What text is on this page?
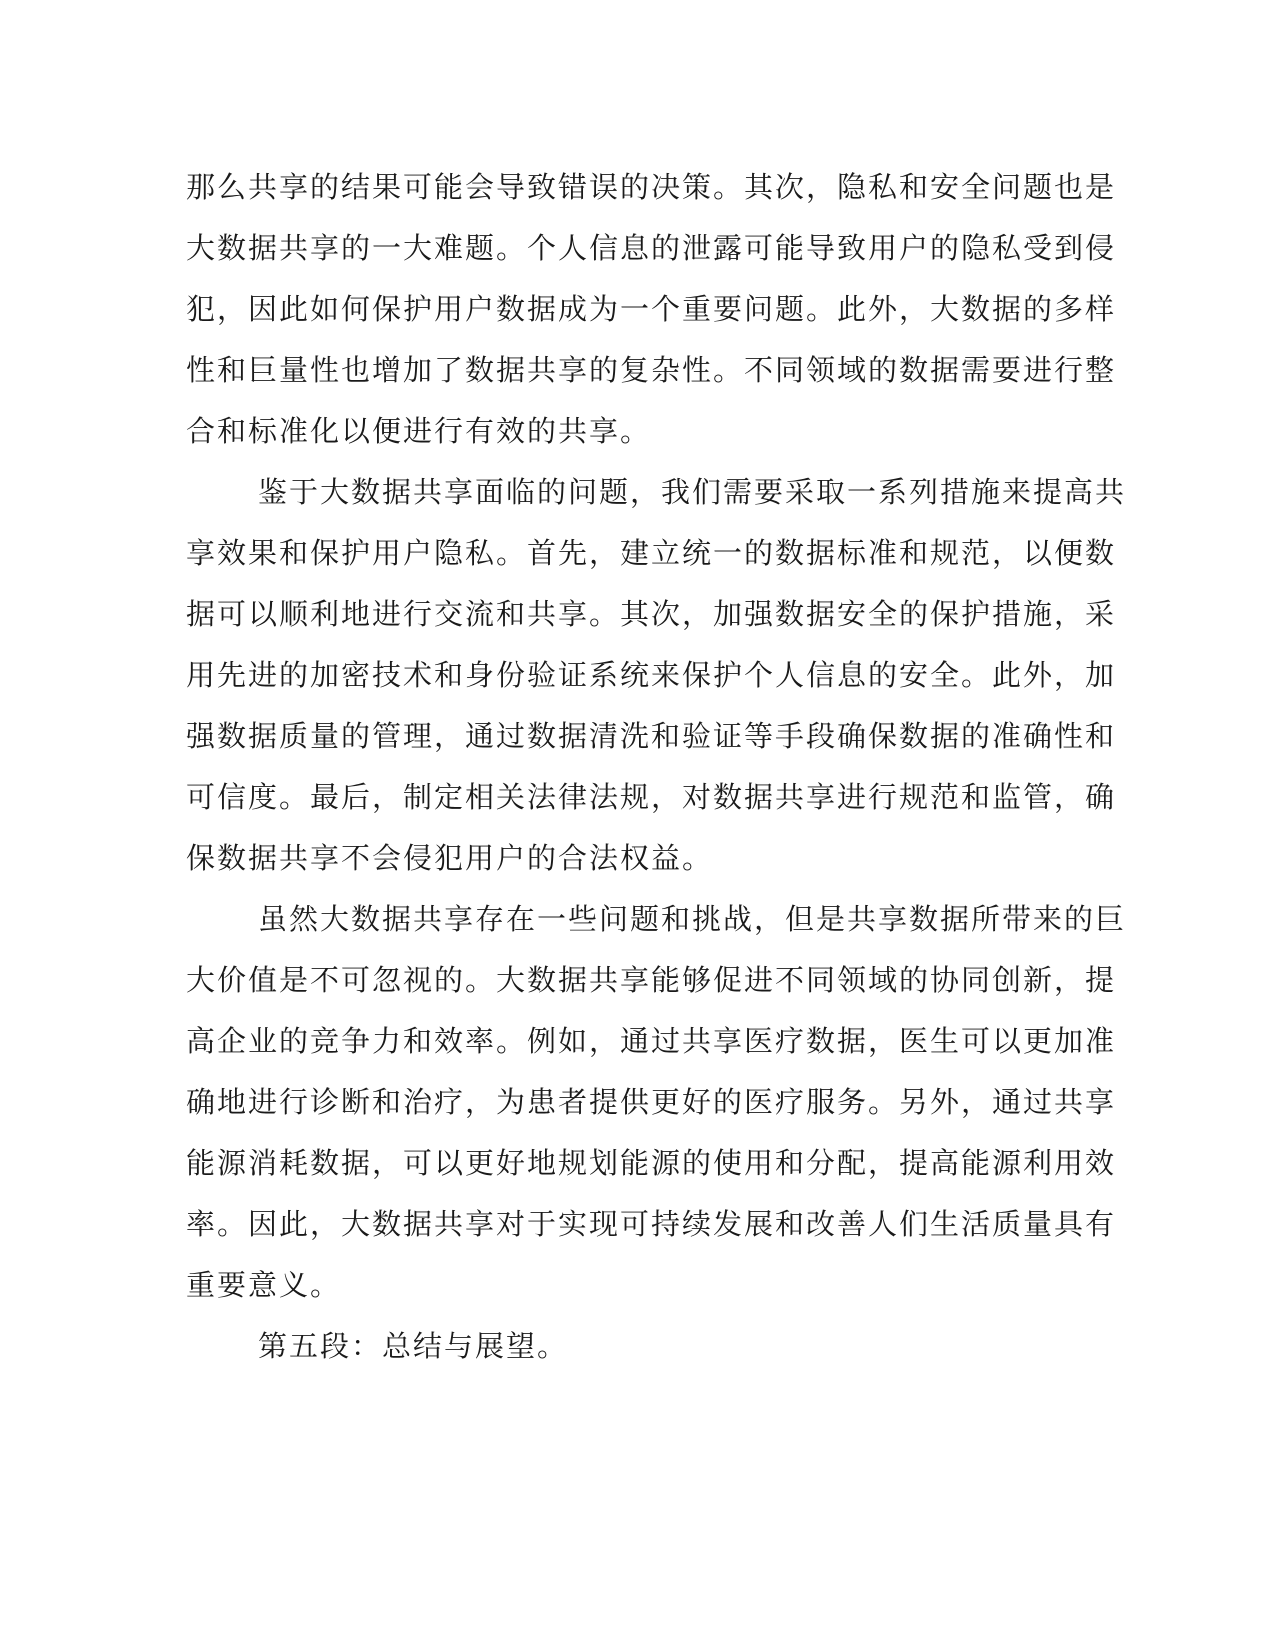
那么共享的结果可能会导致错误的决策。其次，隐私和安全问题也是
大数据共享的一大难题。个人信息的泄露可能导致用户的隐私受到侵
犯，因此如何保护用户数据成为一个重要问题。此外，大数据的多样
性和巨量性也增加了数据共享的复杂性。不同领域的数据需要进行整
合和标准化以便进行有效的共享。
鉴于大数据共享面临的问题，我们需要采取一系列措施来提高共
享效果和保护用户隐私。首先，建立统一的数据标准和规范，以便数
据可以顺利地进行交流和共享。其次，加强数据安全的保护措施，采
用先进的加密技术和身份验证系统来保护个人信息的安全。此外，加
强数据质量的管理，通过数据清洗和验证等手段确保数据的准确性和
可信度。最后，制定相关法律法规，对数据共享进行规范和监管，确
保数据共享不会侵犯用户的合法权益。
虽然大数据共享存在一些问题和挑战，但是共享数据所带来的巨
大价值是不可忽视的。大数据共享能够促进不同领域的协同创新，提
高企业的竞争力和效率。例如，通过共享医疗数据，医生可以更加准
确地进行诊断和治疗，为患者提供更好的医疗服务。另外，通过共享
能源消耗数据，可以更好地规划能源的使用和分配，提高能源利用效
率。因此，大数据共享对于实现可持续发展和改善人们生活质量具有
重要意义。
第五段：总结与展望。
